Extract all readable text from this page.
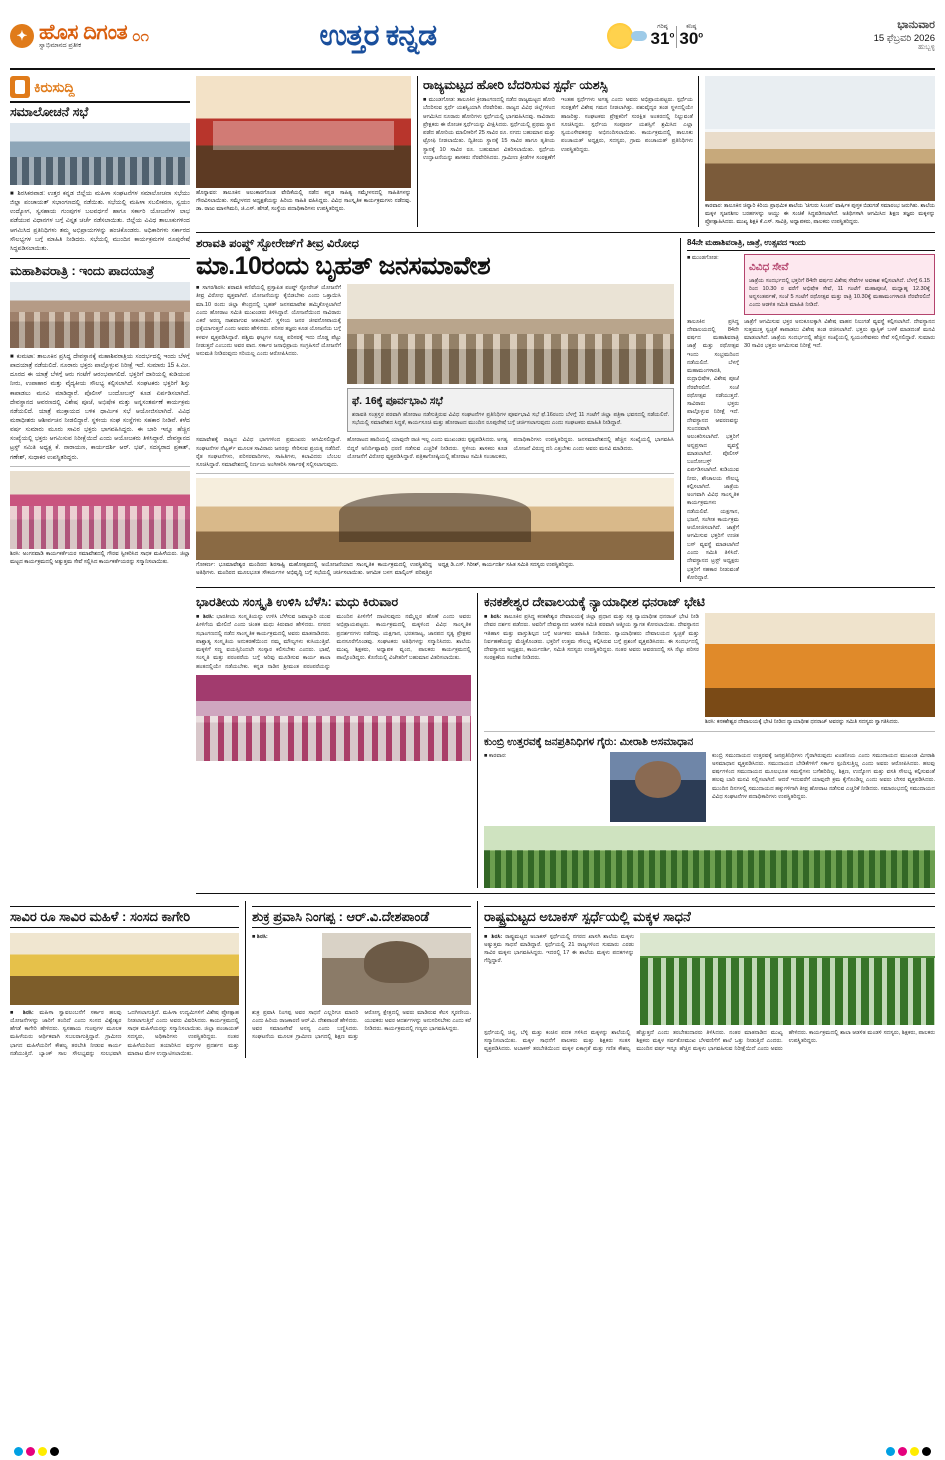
✦ ಹೊಸ ದಿಗಂತ
ಸ್ವಾಭಿಮಾನದ ಪ್ರತೀಕ
೦೧	ಉತ್ತರ ಕನ್ನಡ	ಗರಿಷ್ಠ
31$^o$
ಕನಿಷ್ಠ
30$^o$
ಭಾನುವಾರ
15 ಫೆಬ್ರವರಿ 2026
ಹುಬ್ಬಳ್ಳಿ
ಕಿರುಸುದ್ದಿ
ಸಮಾಲೋಚನೆ ಸಭೆ
■ ಶಿರಸಿಕರವಾಡ: ಉತ್ತರ ಕನ್ನಡ ಜಿಲ್ಲೆಯ ಮಹಿಳಾ ಸಂಘಟನೆಗಳ ಸಮಾಲೋಚನಾ ಸಭೆಯು ಜಿಲ್ಲಾ ಪಂಚಾಯತ್ ಸಭಾಂಗಣದಲ್ಲಿ ನಡೆಯಿತು. ಸಭೆಯಲ್ಲಿ ಮಹಿಳಾ ಸಬಲೀಕರಣ, ಸ್ವಯಂ ಉದ್ಯೋಗ, ಸ್ವಸಹಾಯ ಗುಂಪುಗಳ ಬಲವರ್ಧನೆ ಹಾಗೂ ಸರ್ಕಾರಿ ಯೋಜನೆಗಳ ಲಾಭ ಪಡೆಯುವ ವಿಧಾನಗಳ ಬಗ್ಗೆ ವಿಸ್ತೃತ ಚರ್ಚೆ ನಡೆಸಲಾಯಿತು. ಜಿಲ್ಲೆಯ ವಿವಿಧ ತಾಲೂಕುಗಳಿಂದ ಆಗಮಿಸಿದ ಪ್ರತಿನಿಧಿಗಳು ತಮ್ಮ ಅಭಿಪ್ರಾಯಗಳನ್ನು ಹಂಚಿಕೊಂಡರು. ಅಧಿಕಾರಿಗಳು ಸರ್ಕಾರದ ಸೌಲಭ್ಯಗಳ ಬಗ್ಗೆ ಮಾಹಿತಿ ನೀಡಿದರು. ಸಭೆಯಲ್ಲಿ ಮುಂದಿನ ಕಾರ್ಯಕ್ರಮಗಳ ರೂಪುರೇಷೆ ಸಿದ್ಧಪಡಿಸಲಾಯಿತು.
ಮಹಾಶಿವರಾತ್ರಿ : ಇಂದು ಪಾದಯಾತ್ರೆ
■ ಕುಮಟಾ: ತಾಲೂಕಿನ ಪ್ರಸಿದ್ಧ ದೇವಸ್ಥಾನಕ್ಕೆ ಮಹಾಶಿವರಾತ್ರಿಯ ಸಂದರ್ಭದಲ್ಲಿ ಇಂದು ಬೆಳಗ್ಗೆ ಪಾದಯಾತ್ರೆ ನಡೆಯಲಿದೆ. ನೂರಾರು ಭಕ್ತರು ಪಾಲ್ಗೊಳ್ಳುವ ನಿರೀಕ್ಷೆ ಇದೆ. ಸುಮಾರು 15 ಕಿ.ಮೀ. ದೂರದ ಈ ಯಾತ್ರೆ ಬೆಳಗ್ಗೆ ಆರು ಗಂಟೆಗೆ ಆರಂಭವಾಗಲಿದೆ. ಭಕ್ತರಿಗೆ ದಾರಿಯಲ್ಲಿ ಕುಡಿಯುವ ನೀರು, ಉಪಾಹಾರ ಮತ್ತು ವೈದ್ಯಕೀಯ ಸೌಲಭ್ಯ ಕಲ್ಪಿಸಲಾಗಿದೆ. ಸಂಘಟಕರು ಭಕ್ತರಿಗೆ ಶಿಸ್ತು ಕಾಪಾಡಲು ಮನವಿ ಮಾಡಿದ್ದಾರೆ. ಪೊಲೀಸ್ ಬಂದೋಬಸ್ತ್ ಕೂಡ ಏರ್ಪಡಿಸಲಾಗಿದೆ. ದೇವಸ್ಥಾನದ ಆವರಣದಲ್ಲಿ ವಿಶೇಷ ಪೂಜೆ, ಅಭಿಷೇಕ ಮತ್ತು ಅನ್ನಸಂತರ್ಪಣೆ ಕಾರ್ಯಕ್ರಮ ನಡೆಯಲಿದೆ. ಯಾತ್ರೆ ಮುಕ್ತಾಯದ ಬಳಿಕ ಧಾರ್ಮಿಕ ಸಭೆ ಆಯೋಜಿಸಲಾಗಿದೆ. ವಿವಿಧ ಮಠಾಧೀಶರು ಆಶೀರ್ವಚನ ನೀಡಲಿದ್ದಾರೆ. ಸ್ಥಳೀಯ ಸಂಘ ಸಂಸ್ಥೆಗಳು ಸಹಕಾರ ನೀಡಿವೆ. ಕಳೆದ ವರ್ಷ ಸುಮಾರು ಮೂರು ಸಾವಿರ ಭಕ್ತರು ಭಾಗವಹಿಸಿದ್ದರು. ಈ ಬಾರಿ ಇನ್ನೂ ಹೆಚ್ಚಿನ ಸಂಖ್ಯೆಯಲ್ಲಿ ಭಕ್ತರು ಆಗಮಿಸುವ ನಿರೀಕ್ಷೆಯಿದೆ ಎಂದು ಆಯೋಜಕರು ತಿಳಿಸಿದ್ದಾರೆ. ದೇವಸ್ಥಾನದ ಟ್ರಸ್ಟ್ ಸಮಿತಿ ಅಧ್ಯಕ್ಷ ಕೆ. ನಾರಾಯಣ, ಕಾರ್ಯದರ್ಶಿ ಆರ್. ಭಟ್, ಸದಸ್ಯರಾದ ಪ್ರಕಾಶ್, ಗಣೇಶ್, ಸುಧಾಕರ ಉಪಸ್ಥಿತರಿದ್ದರು.
ಶಿರಸಿ: ಅಂಗನವಾಡಿ ಕಾರ್ಯಕರ್ತೆಯರ ಸಮಾವೇಶದಲ್ಲಿ ಗೌರವ ಸ್ವೀಕರಿಸಿದ ಸಾಧಕ ಮಹಿಳೆಯರು. ಜಿಲ್ಲಾ ಮಟ್ಟದ ಕಾರ್ಯಕ್ರಮದಲ್ಲಿ ಅತ್ಯುತ್ತಮ ಸೇವೆ ಸಲ್ಲಿಸಿದ ಕಾರ್ಯಕರ್ತೆಯರನ್ನು ಸನ್ಮಾನಿಸಲಾಯಿತು.
ಹೊನ್ನಾವರ: ತಾಲೂಕಿನ ಅಲಂಕಾರಗೊಂಡ ವೇದಿಕೆಯಲ್ಲಿ ನಡೆದ ಕನ್ನಡ ಸಾಹಿತ್ಯ ಸಮ್ಮೇಳನದಲ್ಲಿ ಸಾಹಿತಿಗಳನ್ನು ಗೌರವಿಸಲಾಯಿತು. ಸಮ್ಮೇಳನದ ಅಧ್ಯಕ್ಷತೆಯನ್ನು ಹಿರಿಯ ಸಾಹಿತಿ ವಹಿಸಿದ್ದರು. ವಿವಿಧ ಸಾಂಸ್ಕೃತಿಕ ಕಾರ್ಯಕ್ರಮಗಳು ನಡೆದವು. ಡಾ. ರಾಜು ಮಾಳಗಿಮನಿ, ಜಿ.ಎಸ್. ಹೆಗಡೆ, ಸಂಸ್ಥೆಯ ಪದಾಧಿಕಾರಿಗಳು ಉಪಸ್ಥಿತರಿದ್ದರು.
ರಾಜ್ಯಮಟ್ಟದ ಹೋರಿ ಬೆದರಿಸುವ ಸ್ಪರ್ಧೆ ಯಶಸ್ಸಿ
■ ಮುಂಡಗೋಡ: ತಾಲೂಕಿನ ಕ್ರೀಡಾಂಗಣದಲ್ಲಿ ನಡೆದ ರಾಜ್ಯಮಟ್ಟದ ಹೋರಿ ಬೆದರಿಸುವ ಸ್ಪರ್ಧೆ ಯಶಸ್ವಿಯಾಗಿ ನೆರವೇರಿತು. ರಾಜ್ಯದ ವಿವಿಧ ಜಿಲ್ಲೆಗಳಿಂದ ಆಗಮಿಸಿದ ನೂರಾರು ಹೋರಿಗಳು ಸ್ಪರ್ಧೆಯಲ್ಲಿ ಭಾಗವಹಿಸಿದವು. ಸಾವಿರಾರು ಪ್ರೇಕ್ಷಕರು ಈ ರೋಚಕ ಸ್ಪರ್ಧೆಯನ್ನು ವೀಕ್ಷಿಸಿದರು. ಸ್ಪರ್ಧೆಯಲ್ಲಿ ಪ್ರಥಮ ಸ್ಥಾನ ಪಡೆದ ಹೋರಿಯ ಮಾಲೀಕರಿಗೆ 25 ಸಾವಿರ ರೂ. ನಗದು ಬಹುಮಾನ ಮತ್ತು ಟ್ರೋಫಿ ನೀಡಲಾಯಿತು. ದ್ವಿತೀಯ ಸ್ಥಾನಕ್ಕೆ 15 ಸಾವಿರ ಹಾಗೂ ತೃತೀಯ ಸ್ಥಾನಕ್ಕೆ 10 ಸಾವಿರ ರೂ. ಬಹುಮಾನ ವಿತರಿಸಲಾಯಿತು. ಸ್ಪರ್ಧೆಯ ಉದ್ಘಾಟನೆಯನ್ನು ಶಾಸಕರು ನೆರವೇರಿಸಿದರು. ಗ್ರಾಮೀಣ ಕ್ರೀಡೆಗಳ ಸಂರಕ್ಷಣೆಗೆ ಇಂತಹ ಸ್ಪರ್ಧೆಗಳು ಅಗತ್ಯ ಎಂದು ಅವರು ಅಭಿಪ್ರಾಯಪಟ್ಟರು. ಸ್ಪರ್ಧೆಯ ಸುರಕ್ಷತೆಗೆ ವಿಶೇಷ ಗಮನ ನೀಡಲಾಗಿತ್ತು. ಪಶುವೈದ್ಯರ ತಂಡ ಸ್ಥಳದಲ್ಲಿಯೇ ಹಾಜರಿತ್ತು. ಸಂಘಟಕರು ಪ್ರೇಕ್ಷಕರಿಗೆ ಸುರಕ್ಷಿತ ಅಂತರದಲ್ಲಿ ನಿಲ್ಲುವಂತೆ ಸೂಚಿಸಿದ್ದರು. ಸ್ಪರ್ಧೆಯ ಸಂಪೂರ್ಣ ಯಶಸ್ಸಿಗೆ ಶ್ರಮಿಸಿದ ಎಲ್ಲಾ ಸ್ವಯಂಸೇವಕರನ್ನು ಅಭಿನಂದಿಸಲಾಯಿತು. ಕಾರ್ಯಕ್ರಮದಲ್ಲಿ ತಾಲೂಕು ಪಂಚಾಯತ್ ಅಧ್ಯಕ್ಷರು, ಸದಸ್ಯರು, ಗ್ರಾಮ ಪಂಚಾಯತ್ ಪ್ರತಿನಿಧಿಗಳು ಉಪಸ್ಥಿತರಿದ್ದರು.
ಕಾರವಾರ: ತಾಲೂಕಿನ ಚಿನ್ನಾರಿ ಕಿರಿಯ ಪ್ರಾಥಮಿಕ ಶಾಲೆಯ 'ಚಿಗುರು ಸಿಂಚನ' ವಾರ್ಷಿಕ ಪುಸ್ತಕ ಬಿಡುಗಡೆ ಸಮಾರಂಭ ಜರುಗಿತು. ಶಾಲೆಯ ಮಕ್ಕಳ ಸೃಜನಶೀಲ ಬರಹಗಳನ್ನು ಆಯ್ದು ಈ ಸಂಚಿಕೆ ಸಿದ್ಧಪಡಿಸಲಾಗಿದೆ. ಅತಿಥಿಗಳಾಗಿ ಆಗಮಿಸಿದ ಶಿಕ್ಷಣ ತಜ್ಞರು ಮಕ್ಕಳನ್ನು ಪ್ರೋತ್ಸಾಹಿಸಿದರು. ಮುಖ್ಯ ಶಿಕ್ಷಕಿ ಕೆ.ಎಸ್. ಸಾವಿತ್ರಿ, ಅಧ್ಯಾಪಕರು, ಪಾಲಕರು ಉಪಸ್ಥಿತರಿದ್ದರು.
ಶರಾವತಿ ಪಂಪ್ಡ್ ಸ್ಟೋರೇಜ್‌ಗೆ ತೀವ್ರ ವಿರೋಧ
ಮಾ.10ರಂದು ಬೃಹತ್ ಜನಸಮಾವೇಶ
■ ಸಾಗರ/ಶಿರಸಿ: ಶರಾವತಿ ಕಣಿವೆಯಲ್ಲಿ ಪ್ರಸ್ತಾಪಿತ ಪಂಪ್ಡ್ ಸ್ಟೋರೇಜ್ ಯೋಜನೆಗೆ ತೀವ್ರ ವಿರೋಧ ವ್ಯಕ್ತವಾಗಿದೆ. ಯೋಜನೆಯನ್ನು ಕೈಬಿಡಬೇಕು ಎಂದು ಒತ್ತಾಯಿಸಿ ಮಾ.10 ರಂದು ಜಿಲ್ಲಾ ಕೇಂದ್ರದಲ್ಲಿ ಬೃಹತ್ ಜನಸಮಾವೇಶ ಹಮ್ಮಿಕೊಳ್ಳಲಾಗಿದೆ ಎಂದು ಹೋರಾಟ ಸಮಿತಿ ಮುಖಂಡರು ತಿಳಿಸಿದ್ದಾರೆ. ಯೋಜನೆಯಿಂದ ಸಾವಿರಾರು ಎಕರೆ ಅರಣ್ಯ ನಾಶವಾಗುವ ಆತಂಕವಿದೆ. ಸ್ಥಳೀಯ ಜನರ ಜೀವನೋಪಾಯಕ್ಕೆ ಧಕ್ಕೆಯಾಗುತ್ತದೆ ಎಂದು ಅವರು ಹೇಳಿದರು. ಪರಿಸರ ತಜ್ಞರು ಕೂಡ ಯೋಜನೆಯ ಬಗ್ಗೆ ಕಳವಳ ವ್ಯಕ್ತಪಡಿಸಿದ್ದಾರೆ. ಪಶ್ಚಿಮ ಘಟ್ಟಗಳ ಸೂಕ್ಷ್ಮ ಪರಿಸರಕ್ಕೆ ಇದು ದೊಡ್ಡ ಪೆಟ್ಟು ನೀಡುತ್ತದೆ ಎಂಬುದು ಅವರ ವಾದ. ಸರ್ಕಾರ ಜನಾಭಿಪ್ರಾಯ ಸಂಗ್ರಹಿಸದೆ ಯೋಜನೆಗೆ ಅನುಮತಿ ನೀಡಿರುವುದು ಸರಿಯಲ್ಲ ಎಂದು ಆರೋಪಿಸಿದರು.
ಫೆ. 16ಕ್ಕೆ ಪೂರ್ವಭಾವಿ ಸಭೆ
ಶರಾವತಿ ಸಂತ್ರಸ್ತರ ಪರವಾಗಿ ಹೋರಾಟ ನಡೆಸುತ್ತಿರುವ ವಿವಿಧ ಸಂಘಟನೆಗಳ ಪ್ರತಿನಿಧಿಗಳ ಪೂರ್ವಭಾವಿ ಸಭೆ ಫೆ.16ರಂದು ಬೆಳಗ್ಗೆ 11 ಗಂಟೆಗೆ ಜಿಲ್ಲಾ ಪತ್ರಿಕಾ ಭವನದಲ್ಲಿ ನಡೆಯಲಿದೆ. ಸಭೆಯಲ್ಲಿ ಸಮಾವೇಶದ ಸಿದ್ಧತೆ, ಕಾರ್ಯಸೂಚಿ ಮತ್ತು ಹೋರಾಟದ ಮುಂದಿನ ರೂಪುರೇಷೆ ಬಗ್ಗೆ ಚರ್ಚಿಸಲಾಗುವುದು ಎಂದು ಸಂಘಟಕರು ಮಾಹಿತಿ ನೀಡಿದ್ದಾರೆ.
ಸಮಾವೇಶಕ್ಕೆ ರಾಜ್ಯದ ವಿವಿಧ ಭಾಗಗಳಿಂದ ಪ್ರಮುಖರು ಆಗಮಿಸಲಿದ್ದಾರೆ. ಸಂಘಟನೆಗಳ ನೆಟ್ವರ್ಕ್ ಮೂಲಕ ಸಾವಿರಾರು ಜನರನ್ನು ಸೇರಿಸುವ ಪ್ರಯತ್ನ ನಡೆದಿದೆ. ರೈತ ಸಂಘಟನೆಗಳು, ಪರಿಸರವಾದಿಗಳು, ಸಾಹಿತಿಗಳು, ಕಲಾವಿದರು ಬೆಂಬಲ ಸೂಚಿಸಿದ್ದಾರೆ. ಸಮಾವೇಶದಲ್ಲಿ ನಿರ್ಣಯ ಅಂಗೀಕರಿಸಿ ಸರ್ಕಾರಕ್ಕೆ ಸಲ್ಲಿಸಲಾಗುವುದು.
ಹೋರಾಟದ ಹಾದಿಯಲ್ಲಿ ಯಾವುದೇ ರಾಜಿ ಇಲ್ಲ ಎಂದು ಮುಖಂಡರು ಸ್ಪಷ್ಟಪಡಿಸಿದರು. ಅಗತ್ಯ ಬಿದ್ದರೆ ಅನಿರ್ದಿಷ್ಟಾವಧಿ ಧರಣಿ ನಡೆಸುವ ಎಚ್ಚರಿಕೆ ನೀಡಿದರು. ಸ್ಥಳೀಯ ಶಾಸಕರು ಕೂಡ ಯೋಜನೆಗೆ ವಿರೋಧ ವ್ಯಕ್ತಪಡಿಸಿದ್ದಾರೆ. ಪತ್ರಿಕಾಗೋಷ್ಠಿಯಲ್ಲಿ ಹೋರಾಟ ಸಮಿತಿ ಸಂಚಾಲಕರು, ಪದಾಧಿಕಾರಿಗಳು ಉಪಸ್ಥಿತರಿದ್ದರು. ಜನಸಮಾವೇಶದಲ್ಲಿ ಹೆಚ್ಚಿನ ಸಂಖ್ಯೆಯಲ್ಲಿ ಭಾಗವಹಿಸಿ ಯೋಜನೆ ವಿರುದ್ಧ ದನಿ ಎತ್ತಬೇಕು ಎಂದು ಅವರು ಮನವಿ ಮಾಡಿದರು.
ಗೋಕರ್ಣ: ಭೂಮಾವೇಶ್ವರ ಮಂದಿರದ ಶಿರಸಾಷ್ಟಿ ಮಹೋತ್ಸವದಲ್ಲಿ ಅಯೋಜನೆಯಾದ ಸಾಂಸ್ಕೃತಿಕ ಕಾರ್ಯಕ್ರಮದಲ್ಲಿ ಉಪಸ್ಥಿತರಿದ್ದ ಅತಿಥಿಗಳು. ಮಂದಿರದ ಮೂಲಭೂತ ಸೌಕರ್ಯಗಳ ಅಭಿವೃದ್ಧಿ ಬಗ್ಗೆ ಸಭೆಯಲ್ಲಿ ಚರ್ಚಿಸಲಾಯಿತು. ಆಗಮಿಕ ಬಳಗ ಮಾಲ್ಕಿಂಗ್ ಪರಿಷತ್ತಿನ ಅಧ್ಯಕ್ಷ ಡಿ.ಎಸ್. ಗಿರೀಶ್, ಕಾರ್ಯದರ್ಶಿ ಸಹಿತ ಸಮಿತಿ ಸದಸ್ಯರು ಉಪಸ್ಥಿತರಿದ್ದರು.
84ನೇ ಮಹಾಶಿವರಾತ್ರಿ, ಜಾತ್ರೆ, ಉತ್ಸವದ ಇಂದು
■ ಮುಂಡಗೋಡ:
ವಿವಿಧ ಸೇವೆ
ಜಾತ್ರೆಯ ಸಂದರ್ಭದಲ್ಲಿ ಭಕ್ತರಿಗೆ 84ನೇ ವರ್ಷದ ವಿಶೇಷ ಸೇವೆಗಳ ಅವಕಾಶ ಕಲ್ಪಿಸಲಾಗಿದೆ. ಬೆಳಗ್ಗೆ 6.15 ರಿಂದ 10.30 ರ ವರೆಗೆ ಅಭಿಷೇಕ ಸೇವೆ, 11 ಗಂಟೆಗೆ ಮಹಾಪೂಜೆ, ಮಧ್ಯಾಹ್ನ 12.30ಕ್ಕೆ ಅನ್ನಸಂತರ್ಪಣೆ, ಸಂಜೆ 5 ಗಂಟೆಗೆ ರಥೋತ್ಸವ ಮತ್ತು ರಾತ್ರಿ 10.30ಕ್ಕೆ ಮಹಾಮಂಗಳಾರತಿ ನೆರವೇರಲಿದೆ ಎಂದು ಆಡಳಿತ ಸಮಿತಿ ಮಾಹಿತಿ ನೀಡಿದೆ.
ತಾಲೂಕಿನ ಪ್ರಸಿದ್ಧ ದೇವಾಲಯದಲ್ಲಿ 84ನೇ ವರ್ಷದ ಮಹಾಶಿವರಾತ್ರಿ ಜಾತ್ರೆ ಮತ್ತು ರಥೋತ್ಸವ ಇಂದು ಸಂಭ್ರಮದಿಂದ ನಡೆಯಲಿದೆ. ಬೆಳಗ್ಗೆ ಮಹಾಮಂಗಳಾರತಿ, ರುದ್ರಾಭಿಷೇಕ, ವಿಶೇಷ ಪೂಜೆ ನೆರವೇರಲಿದೆ. ಸಂಜೆ ರಥೋತ್ಸವ ನಡೆಯುತ್ತದೆ. ಸಾವಿರಾರು ಭಕ್ತರು ಪಾಲ್ಗೊಳ್ಳುವ ನಿರೀಕ್ಷೆ ಇದೆ. ದೇವಸ್ಥಾನದ ಆವರಣವನ್ನು ಸುಂದರವಾಗಿ ಅಲಂಕರಿಸಲಾಗಿದೆ. ಭಕ್ತರಿಗೆ ಅನ್ನಪ್ರಸಾದ ವ್ಯವಸ್ಥೆ ಮಾಡಲಾಗಿದೆ. ಪೊಲೀಸ್ ಬಂದೋಬಸ್ತ್ ಏರ್ಪಡಿಸಲಾಗಿದೆ. ಕುಡಿಯುವ ನೀರು, ಶೌಚಾಲಯ ಸೌಲಭ್ಯ ಕಲ್ಪಿಸಲಾಗಿದೆ. ಜಾತ್ರೆಯ ಅಂಗವಾಗಿ ವಿವಿಧ ಸಾಂಸ್ಕೃತಿಕ ಕಾರ್ಯಕ್ರಮಗಳು ನಡೆಯಲಿವೆ. ಯಕ್ಷಗಾನ, ಭಜನೆ, ಸಂಗೀತ ಕಾರ್ಯಕ್ರಮ ಆಯೋಜಿಸಲಾಗಿದೆ. ಜಾತ್ರೆಗೆ ಆಗಮಿಸುವ ಭಕ್ತರಿಗೆ ಉಚಿತ ಬಸ್ ವ್ಯವಸ್ಥೆ ಮಾಡಲಾಗಿದೆ ಎಂದು ಸಮಿತಿ ತಿಳಿಸಿದೆ. ದೇವಸ್ಥಾನದ ಟ್ರಸ್ಟ್ ಅಧ್ಯಕ್ಷರು ಭಕ್ತರಿಗೆ ಸಹಕಾರ ನೀಡುವಂತೆ ಕೋರಿದ್ದಾರೆ.
ಜಾತ್ರೆಗೆ ಆಗಮಿಸುವ ಭಕ್ತರ ಅನುಕೂಲಕ್ಕಾಗಿ ವಿಶೇಷ ವಾಹನ ನಿಲುಗಡೆ ವ್ಯವಸ್ಥೆ ಕಲ್ಪಿಸಲಾಗಿದೆ. ದೇವಸ್ಥಾನದ ಸುತ್ತಮುತ್ತ ಸ್ವಚ್ಛತೆ ಕಾಪಾಡಲು ವಿಶೇಷ ತಂಡ ರಚಿಸಲಾಗಿದೆ. ಭಕ್ತರು ಪ್ಲಾಸ್ಟಿಕ್ ಬಳಕೆ ಮಾಡದಂತೆ ಮನವಿ ಮಾಡಲಾಗಿದೆ. ಜಾತ್ರೆಯ ಸಂದರ್ಭದಲ್ಲಿ ಹೆಚ್ಚಿನ ಸಂಖ್ಯೆಯಲ್ಲಿ ಸ್ವಯಂಸೇವಕರು ಸೇವೆ ಸಲ್ಲಿಸಲಿದ್ದಾರೆ. ಸುಮಾರು 30 ಸಾವಿರ ಭಕ್ತರು ಆಗಮಿಸುವ ನಿರೀಕ್ಷೆ ಇದೆ.
ಭಾರತೀಯ ಸಂಸ್ಕೃತಿ ಉಳಿಸಿ ಬೆಳೆಸಿ: ಮಧು ಕಿರುವಾರ
■ ಶಿರಸಿ: ಭಾರತೀಯ ಸಂಸ್ಕೃತಿಯನ್ನು ಉಳಿಸಿ ಬೆಳೆಸುವ ಜವಾಬ್ದಾರಿ ಯುವ ಪೀಳಿಗೆಯ ಮೇಲಿದೆ ಎಂದು ಚಿಂತಕ ಮಧು ಕಿರುವಾರ ಹೇಳಿದರು. ನಗರದ ಸಭಾಂಗಣದಲ್ಲಿ ನಡೆದ ಸಾಂಸ್ಕೃತಿಕ ಕಾರ್ಯಕ್ರಮದಲ್ಲಿ ಅವರು ಮಾತನಾಡಿದರು. ಪಾಶ್ಚಾತ್ಯ ಸಂಸ್ಕೃತಿಯ ಅನುಕರಣೆಯಿಂದ ನಮ್ಮ ಮೌಲ್ಯಗಳು ಕುಸಿಯುತ್ತಿವೆ. ಮಕ್ಕಳಿಗೆ ಸಣ್ಣ ವಯಸ್ಸಿನಿಂದಲೇ ಸಂಸ್ಕಾರ ಕಲಿಸಬೇಕು ಎಂದರು. ಭಾಷೆ, ಸಂಸ್ಕೃತಿ ಮತ್ತು ಪರಂಪರೆಯ ಬಗ್ಗೆ ಅರಿವು ಮೂಡಿಸುವ ಕಾರ್ಯ ಶಾಲಾ ಹಂತದಲ್ಲಿಯೇ ನಡೆಯಬೇಕು. ಕನ್ನಡ ನಾಡಿನ ಶ್ರೀಮಂತ ಪರಂಪರೆಯನ್ನು ಮುಂದಿನ ಪೀಳಿಗೆಗೆ ದಾಟಿಸುವುದು ನಮ್ಮೆಲ್ಲರ ಹೊಣೆ ಎಂದು ಅವರು ಅಭಿಪ್ರಾಯಪಟ್ಟರು. ಕಾರ್ಯಕ್ರಮದಲ್ಲಿ ಮಕ್ಕಳಿಂದ ವಿವಿಧ ಸಾಂಸ್ಕೃತಿಕ ಪ್ರದರ್ಶನಗಳು ನಡೆದವು. ಯಕ್ಷಗಾನ, ಭರತನಾಟ್ಯ, ಜಾನಪದ ನೃತ್ಯ ಪ್ರೇಕ್ಷಕರ ಮನಸೂರೆಗೊಂಡವು. ಸಂಘಟಕರು ಅತಿಥಿಗಳನ್ನು ಸನ್ಮಾನಿಸಿದರು. ಶಾಲೆಯ ಮುಖ್ಯ ಶಿಕ್ಷಕರು, ಅಧ್ಯಾಪಕ ವೃಂದ, ಪಾಲಕರು ಕಾರ್ಯಕ್ರಮದಲ್ಲಿ ಪಾಲ್ಗೊಂಡಿದ್ದರು. ಕೊನೆಯಲ್ಲಿ ವಿಜೇತರಿಗೆ ಬಹುಮಾನ ವಿತರಿಸಲಾಯಿತು.
ಕನಕಶೇಶ್ವರ ದೇವಾಲಯಕ್ಕೆ ನ್ಯಾಯಾಧೀಶ ಧನರಾಜ್ ಭೇಟಿ
■ ಶಿರಸಿ: ತಾಲೂಕಿನ ಪ್ರಸಿದ್ಧ ಕನಕಶೇಶ್ವರ ದೇವಾಲಯಕ್ಕೆ ಜಿಲ್ಲಾ ಪ್ರಧಾನ ಮತ್ತು ಸತ್ರ ನ್ಯಾಯಾಧೀಶ ಧನರಾಜ್ ಭೇಟಿ ನೀಡಿ ದೇವರ ದರ್ಶನ ಪಡೆದರು. ಅವರಿಗೆ ದೇವಸ್ಥಾನದ ಆಡಳಿತ ಸಮಿತಿ ಪರವಾಗಿ ಆತ್ಮೀಯ ಸ್ವಾಗತ ಕೋರಲಾಯಿತು. ದೇವಸ್ಥಾನದ ಇತಿಹಾಸ ಮತ್ತು ವಾಸ್ತುಶಿಲ್ಪದ ಬಗ್ಗೆ ಅರ್ಚಕರು ಮಾಹಿತಿ ನೀಡಿದರು. ನ್ಯಾಯಾಧೀಶರು ದೇವಾಲಯದ ಸ್ವಚ್ಛತೆ ಮತ್ತು ನಿರ್ವಹಣೆಯನ್ನು ಮೆಚ್ಚಿಕೊಂಡರು. ಭಕ್ತರಿಗೆ ಉತ್ತಮ ಸೌಲಭ್ಯ ಕಲ್ಪಿಸಿರುವ ಬಗ್ಗೆ ಪ್ರಶಂಸೆ ವ್ಯಕ್ತಪಡಿಸಿದರು. ಈ ಸಂದರ್ಭದಲ್ಲಿ ದೇವಸ್ಥಾನದ ಅಧ್ಯಕ್ಷರು, ಕಾರ್ಯದರ್ಶಿ, ಸಮಿತಿ ಸದಸ್ಯರು ಉಪಸ್ಥಿತರಿದ್ದರು. ನಂತರ ಅವರು ಆವರಣದಲ್ಲಿ ಸಸಿ ನೆಟ್ಟು ಪರಿಸರ ಸಂರಕ್ಷಣೆಯ ಸಂದೇಶ ನೀಡಿದರು.
ಶಿರಸಿ: ಕನಕಶೇಶ್ವರ ದೇವಾಲಯಕ್ಕೆ ಭೇಟಿ ನೀಡಿದ ನ್ಯಾಯಾಧೀಶ ಧನರಾಜ್ ಅವರನ್ನು ಸಮಿತಿ ಸದಸ್ಯರು ಸ್ವಾಗತಿಸಿದರು.
ಕುಂಬ್ರಿ ಉತ್ತರವಕ್ಕೆ ಜನಪ್ರತಿನಿಧಿಗಳ ಗೈರು: ಮೀರಾಶಿ ಅಸಮಾಧಾನ
■ ಕಾರವಾರ:	ಕುಂಬ್ರಿ ಸಮುದಾಯದ ಉತ್ತರವಕ್ಕೆ ಜನಪ್ರತಿನಿಧಿಗಳು ಗೈರಾಗಿರುವುದು ಖಂಡನೀಯ ಎಂದು ಸಮುದಾಯದ ಮುಖಂಡ ಮೀರಾಶಿ ಅಸಮಾಧಾನ ವ್ಯಕ್ತಪಡಿಸಿದರು. ಸಮುದಾಯದ ಬೇಡಿಕೆಗಳಿಗೆ ಸರ್ಕಾರ ಸ್ಪಂದಿಸುತ್ತಿಲ್ಲ ಎಂದು ಅವರು ಆರೋಪಿಸಿದರು. ಹಲವು ವರ್ಷಗಳಿಂದ ಸಮುದಾಯದ ಮೂಲಭೂತ ಸಮಸ್ಯೆಗಳು ಬಗೆಹರಿದಿಲ್ಲ. ಶಿಕ್ಷಣ, ಉದ್ಯೋಗ ಮತ್ತು ವಸತಿ ಸೌಲಭ್ಯ ಕಲ್ಪಿಸುವಂತೆ ಹಲವು ಬಾರಿ ಮನವಿ ಸಲ್ಲಿಸಲಾಗಿದೆ. ಆದರೆ ಇದುವರೆಗೆ ಯಾವುದೇ ಕ್ರಮ ಕೈಗೊಂಡಿಲ್ಲ ಎಂದು ಅವರು ಬೇಸರ ವ್ಯಕ್ತಪಡಿಸಿದರು. ಮುಂದಿನ ದಿನಗಳಲ್ಲಿ ಸಮುದಾಯದ ಹಕ್ಕುಗಳಿಗಾಗಿ ತೀವ್ರ ಹೋರಾಟ ನಡೆಸುವ ಎಚ್ಚರಿಕೆ ನೀಡಿದರು. ಸಮಾರಂಭದಲ್ಲಿ ಸಮುದಾಯದ ವಿವಿಧ ಸಂಘಟನೆಗಳ ಪದಾಧಿಕಾರಿಗಳು ಉಪಸ್ಥಿತರಿದ್ದರು.
ಸಾವಿರ ರೂ ಸಾವಿರ ಮಹಿಳೆ : ಸಂಸದ ಕಾಗೇರಿ
■ ಶಿರಸಿ: ಮಹಿಳಾ ಸ್ವಾವಲಂಬನೆಗೆ ಸರ್ಕಾರ ಹಲವು ಯೋಜನೆಗಳನ್ನು ಜಾರಿಗೆ ತಂದಿದೆ ಎಂದು ಸಂಸದ ವಿಶ್ವೇಶ್ವರ ಹೆಗಡೆ ಕಾಗೇರಿ ಹೇಳಿದರು. ಸ್ವಸಹಾಯ ಗುಂಪುಗಳ ಮೂಲಕ ಮಹಿಳೆಯರು ಆರ್ಥಿಕವಾಗಿ ಸಬಲರಾಗುತ್ತಿದ್ದಾರೆ. ಗ್ರಾಮೀಣ ಭಾಗದ ಮಹಿಳೆಯರಿಗೆ ಕೌಶಲ್ಯ ತರಬೇತಿ ನೀಡುವ ಕಾರ್ಯ ನಡೆಯುತ್ತಿದೆ. ಬ್ಯಾಂಕ್ ಸಾಲ ಸೌಲಭ್ಯವನ್ನು ಸುಲಭವಾಗಿ ಒದಗಿಸಲಾಗುತ್ತಿದೆ. ಮಹಿಳಾ ಉದ್ಯಮಿಗಳಿಗೆ ವಿಶೇಷ ಪ್ರೋತ್ಸಾಹ ನೀಡಲಾಗುತ್ತಿದೆ ಎಂದು ಅವರು ವಿವರಿಸಿದರು. ಕಾರ್ಯಕ್ರಮದಲ್ಲಿ ಸಾಧಕ ಮಹಿಳೆಯರನ್ನು ಸನ್ಮಾನಿಸಲಾಯಿತು. ಜಿಲ್ಲಾ ಪಂಚಾಯತ್ ಸದಸ್ಯರು, ಅಧಿಕಾರಿಗಳು ಉಪಸ್ಥಿತರಿದ್ದರು. ನಂತರ ಮಹಿಳೆಯರಿಂದ ತಯಾರಿಸಿದ ವಸ್ತುಗಳ ಪ್ರದರ್ಶನ ಮತ್ತು ಮಾರಾಟ ಮೇಳ ಉದ್ಘಾಟಿಸಲಾಯಿತು.
ಶುಕ್ರ ಪ್ರವಾಸಿ ನಿಂಗಪ್ಪ : ಆರ್.ವಿ.ದೇಶಪಾಂಡೆ
■ ಶಿರಸಿ:
ಶುಕ್ರ ಪ್ರವಾಸಿ ನಿಂಗಪ್ಪ ಅವರ ಸಾಧನೆ ಎಲ್ಲರಿಗೂ ಮಾದರಿ ಎಂದು ಹಿರಿಯ ರಾಜಕಾರಣಿ ಆರ್.ವಿ. ದೇಶಪಾಂಡೆ ಹೇಳಿದರು. ಅವರ ಸಮಾಜಸೇವೆ ಅನನ್ಯ ಎಂದು ಬಣ್ಣಿಸಿದರು. ಸಂಘಟನೆಯ ಮೂಲಕ ಗ್ರಾಮೀಣ ಭಾಗದಲ್ಲಿ ಶಿಕ್ಷಣ ಮತ್ತು ಆರೋಗ್ಯ ಕ್ಷೇತ್ರದಲ್ಲಿ ಅವರು ಮಾಡಿರುವ ಕೆಲಸ ಸ್ಮರಣೀಯ. ಯುವಕರು ಅವರ ಆದರ್ಶಗಳನ್ನು ಅನುಸರಿಸಬೇಕು ಎಂದು ಕರೆ ನೀಡಿದರು. ಕಾರ್ಯಕ್ರಮದಲ್ಲಿ ಗಣ್ಯರು ಭಾಗವಹಿಸಿದ್ದರು.
ರಾಷ್ಟ್ರಮಟ್ಟದ ಅಬಾಕಸ್ ಸ್ಪರ್ಧೆಯಲ್ಲಿ ಮಕ್ಕಳ ಸಾಧನೆ
■ ಶಿರಸಿ: ರಾಷ್ಟ್ರಮಟ್ಟದ ಅಬಾಕಸ್ ಸ್ಪರ್ಧೆಯಲ್ಲಿ ನಗರದ ಖಾಸಗಿ ಶಾಲೆಯ ಮಕ್ಕಳು ಅತ್ಯುತ್ತಮ ಸಾಧನೆ ಮಾಡಿದ್ದಾರೆ. ಸ್ಪರ್ಧೆಯಲ್ಲಿ 21 ರಾಜ್ಯಗಳಿಂದ ಸುಮಾರು ಎರಡು ಸಾವಿರ ಮಕ್ಕಳು ಭಾಗವಹಿಸಿದ್ದರು. ಇದರಲ್ಲಿ 17 ಈ ಶಾಲೆಯ ಮಕ್ಕಳು ಪದಕಗಳನ್ನು ಗೆದ್ದಿದ್ದಾರೆ.
ಸ್ಪರ್ಧೆಯಲ್ಲಿ ಚಿನ್ನ, ಬೆಳ್ಳಿ ಮತ್ತು ಕಂಚಿನ ಪದಕ ಗಳಿಸಿದ ಮಕ್ಕಳನ್ನು ಶಾಲೆಯಲ್ಲಿ ಸನ್ಮಾನಿಸಲಾಯಿತು. ಮಕ್ಕಳ ಸಾಧನೆಗೆ ಪಾಲಕರು ಮತ್ತು ಶಿಕ್ಷಕರು ಸಂತಸ ವ್ಯಕ್ತಪಡಿಸಿದರು. ಅಬಾಕಸ್ ತರಬೇತಿಯಿಂದ ಮಕ್ಕಳ ಏಕಾಗ್ರತೆ ಮತ್ತು ಗಣಿತ ಕೌಶಲ್ಯ ಹೆಚ್ಚುತ್ತದೆ ಎಂದು ತರಬೇತುದಾರರು ತಿಳಿಸಿದರು. ನಂತರ ಮಾತನಾಡಿದ ಮುಖ್ಯ ಶಿಕ್ಷಕರು ಮಕ್ಕಳ ಸರ್ವತೋಮುಖ ಬೆಳವಣಿಗೆಗೆ ಶಾಲೆ ಒತ್ತು ನೀಡುತ್ತಿದೆ ಎಂದರು. ಮುಂದಿನ ವರ್ಷ ಇನ್ನೂ ಹೆಚ್ಚಿನ ಮಕ್ಕಳು ಭಾಗವಹಿಸುವ ನಿರೀಕ್ಷೆಯಿದೆ ಎಂದು ಅವರು ಹೇಳಿದರು. ಕಾರ್ಯಕ್ರಮದಲ್ಲಿ ಶಾಲಾ ಆಡಳಿತ ಮಂಡಳಿ ಸದಸ್ಯರು, ಶಿಕ್ಷಕರು, ಪಾಲಕರು ಉಪಸ್ಥಿತರಿದ್ದರು.
